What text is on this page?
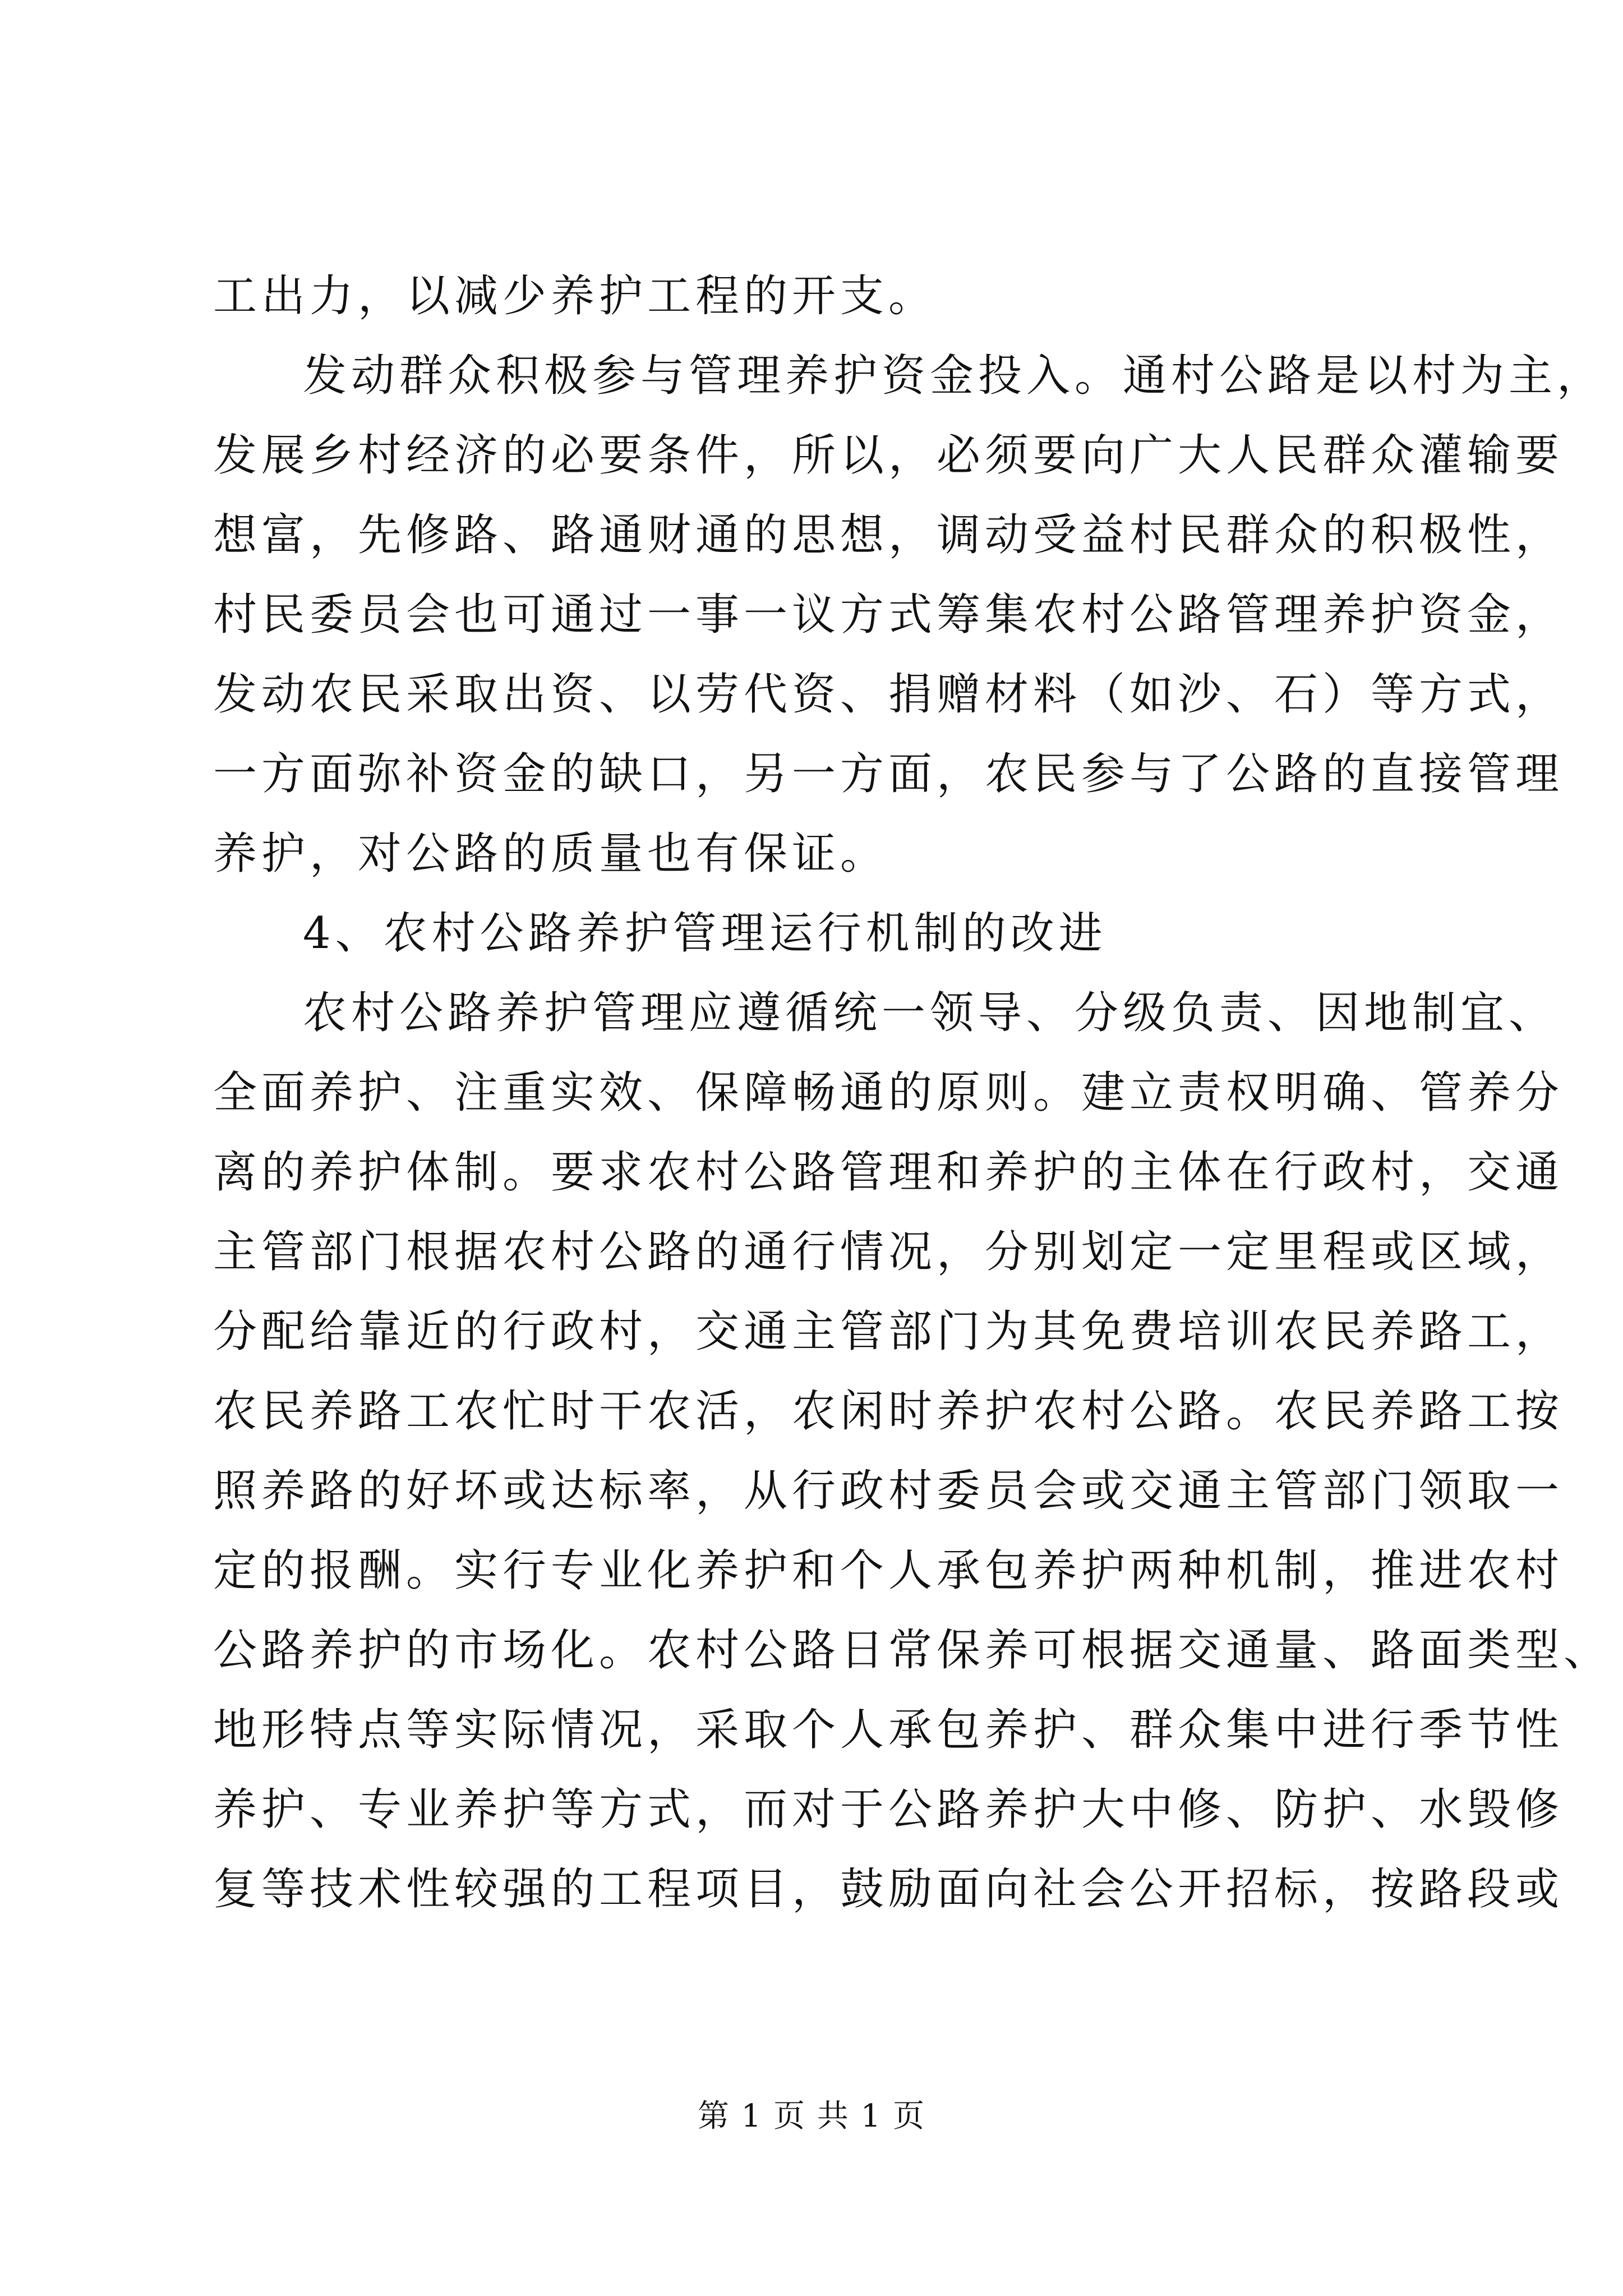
工出力，以减少养护工程的开支。
发动群众积极参与管理养护资金投入。通村公路是以村为主，
发展乡村经济的必要条件，所以，必须要向广大人民群众灌输要
想富，先修路、路通财通的思想，调动受益村民群众的积极性，
村民委员会也可通过一事一议方式筹集农村公路管理养护资金，
发动农民采取出资、以劳代资、捐赠材料（如沙、石）等方式，
一方面弥补资金的缺口，另一方面，农民参与了公路的直接管理
养护，对公路的质量也有保证。
4、农村公路养护管理运行机制的改进
农村公路养护管理应遵循统一领导、分级负责、因地制宜、
全面养护、注重实效、保障畅通的原则。建立责权明确、管养分
离的养护体制。要求农村公路管理和养护的主体在行政村，交通
主管部门根据农村公路的通行情况，分别划定一定里程或区域，
分配给靠近的行政村，交通主管部门为其免费培训农民养路工，
农民养路工农忙时干农活，农闲时养护农村公路。农民养路工按
照养路的好坏或达标率，从行政村委员会或交通主管部门领取一
定的报酬。实行专业化养护和个人承包养护两种机制，推进农村
公路养护的市场化。农村公路日常保养可根据交通量、路面类型、
地形特点等实际情况，采取个人承包养护、群众集中进行季节性
养护、专业养护等方式，而对于公路养护大中修、防护、水毁修
复等技术性较强的工程项目，鼓励面向社会公开招标，按路段或
第 1 页 共 1 页
